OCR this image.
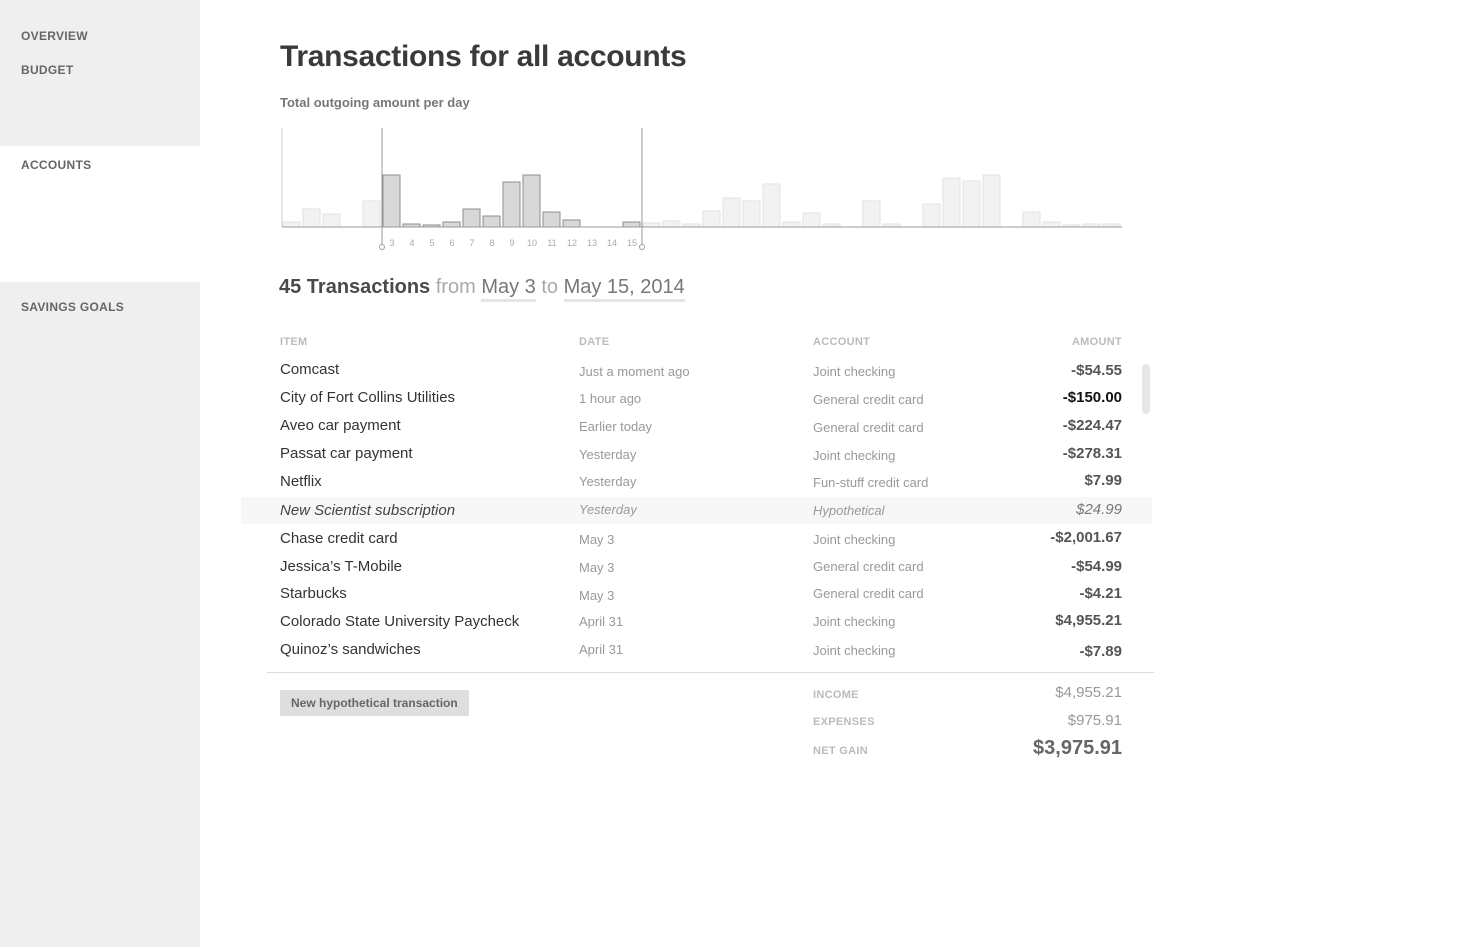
OVERVIEW
BUDGET
ACCOUNTS
SAVINGS GOALS
Transactions for all accounts
Total outgoing amount per day
3 4 5 6 7 8 9 10 11 12 13 14 15
45 Transactions from May 3 to May 15, 2014
ITEM	DATE	ACCOUNT	AMOUNT
Comcast	Just a moment ago	Joint checking	-$54.55
City of Fort Collins Utilities	1 hour ago	General credit card	-$150.00
Aveo car payment	Earlier today	General credit card	-$224.47
Passat car payment	Yesterday	Joint checking	-$278.31
Netflix	Yesterday	Fun-stuff credit card	$7.99
New Scientist subscription	Yesterday	Hypothetical	$24.99
Chase credit card	May 3	Joint checking	-$2,001.67
Jessica’s T-Mobile	May 3	General credit card	-$54.99
Starbucks	May 3	General credit card	-$4.21
Colorado State University Paycheck	April 31	Joint checking	$4,955.21
Quinoz’s sandwiches	April 31	Joint checking	-$7.89
New hypothetical transaction
INCOME	$4,955.21
EXPENSES	$975.91
NET GAIN	$3,975.91
